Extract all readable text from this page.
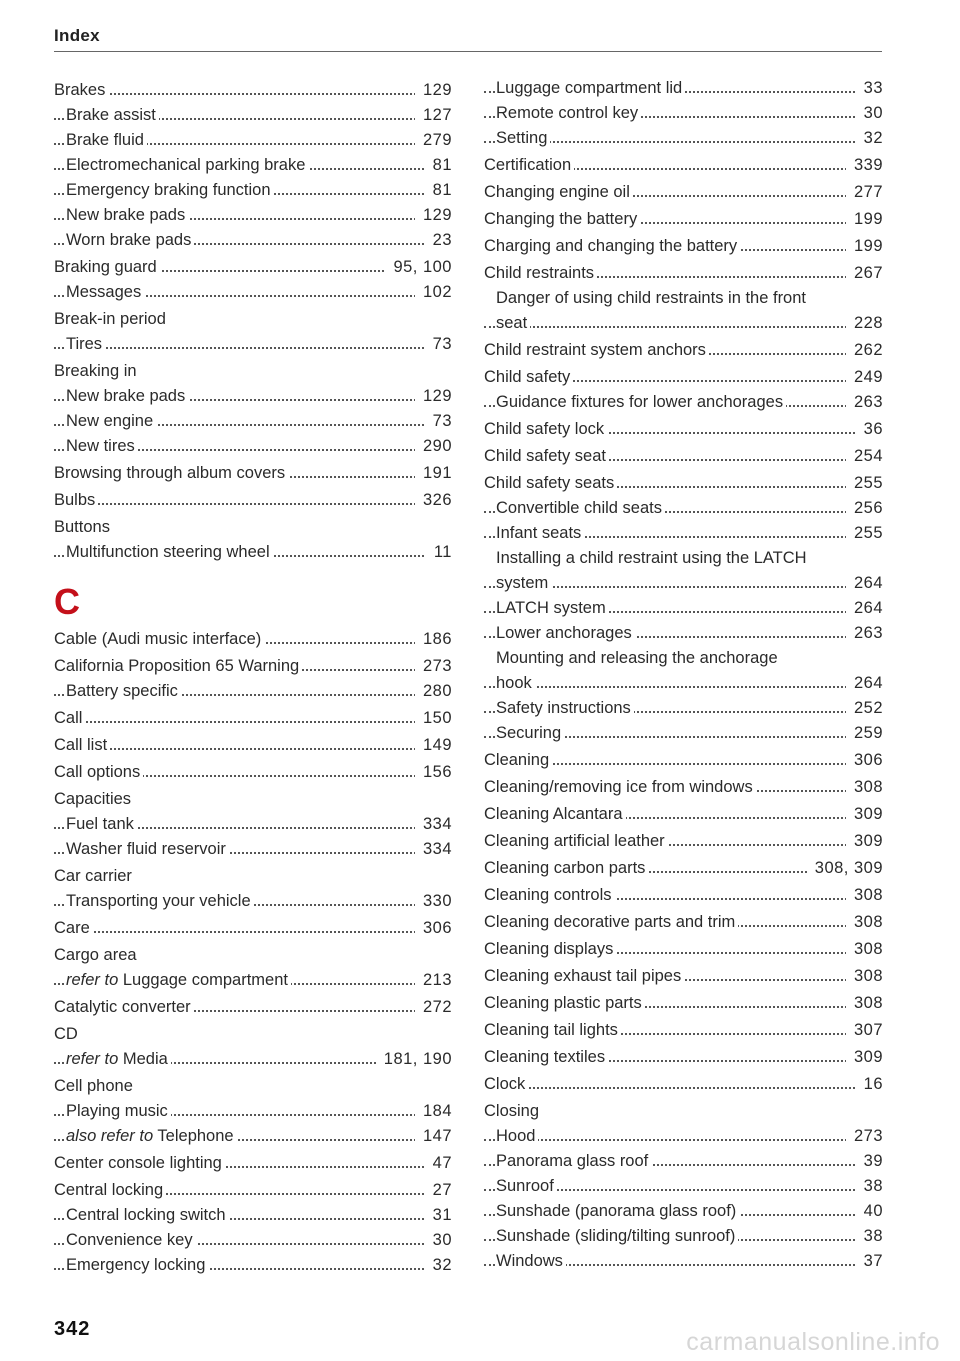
Index
Brakes	129
Brake assist	127
Brake fluid	279
Electromechanical parking brake	81
Emergency braking function	81
New brake pads	129
Worn brake pads	23
Braking guard	95, 100
Messages	102
Break-in period
Tires	73
Breaking in
New brake pads	129
New engine	73
New tires	290
Browsing through album covers	191
Bulbs	326
Buttons
Multifunction steering wheel	11
C
Cable (Audi music interface)	186
California Proposition 65 Warning	273
Battery specific	280
Call	150
Call list	149
Call options	156
Capacities
Fuel tank	334
Washer fluid reservoir	334
Car carrier
Transporting your vehicle	330
Care	306
Cargo area
refer to Luggage compartment	213
Catalytic converter	272
CD
refer to Media	181, 190
Cell phone
Playing music	184
also refer to Telephone	147
Center console lighting	47
Central locking	27
Central locking switch	31
Convenience key	30
Emergency locking	32
Luggage compartment lid	33
Remote control key	30
Setting	32
Certification	339
Changing engine oil	277
Changing the battery	199
Charging and changing the battery	199
Child restraints	267
Danger of using child restraints in the front
seat	228
Child restraint system anchors	262
Child safety	249
Guidance fixtures for lower anchorages	263
Child safety lock	36
Child safety seat	254
Child safety seats	255
Convertible child seats	256
Infant seats	255
Installing a child restraint using the LATCH
system	264
LATCH system	264
Lower anchorages	263
Mounting and releasing the anchorage
hook	264
Safety instructions	252
Securing	259
Cleaning	306
Cleaning/removing ice from windows	308
Cleaning Alcantara	309
Cleaning artificial leather	309
Cleaning carbon parts	308, 309
Cleaning controls	308
Cleaning decorative parts and trim	308
Cleaning displays	308
Cleaning exhaust tail pipes	308
Cleaning plastic parts	308
Cleaning tail lights	307
Cleaning textiles	309
Clock	16
Closing
Hood	273
Panorama glass roof	39
Sunroof	38
Sunshade (panorama glass roof)	40
Sunshade (sliding/tilting sunroof)	38
Windows	37
342	carmanualsonline.info
